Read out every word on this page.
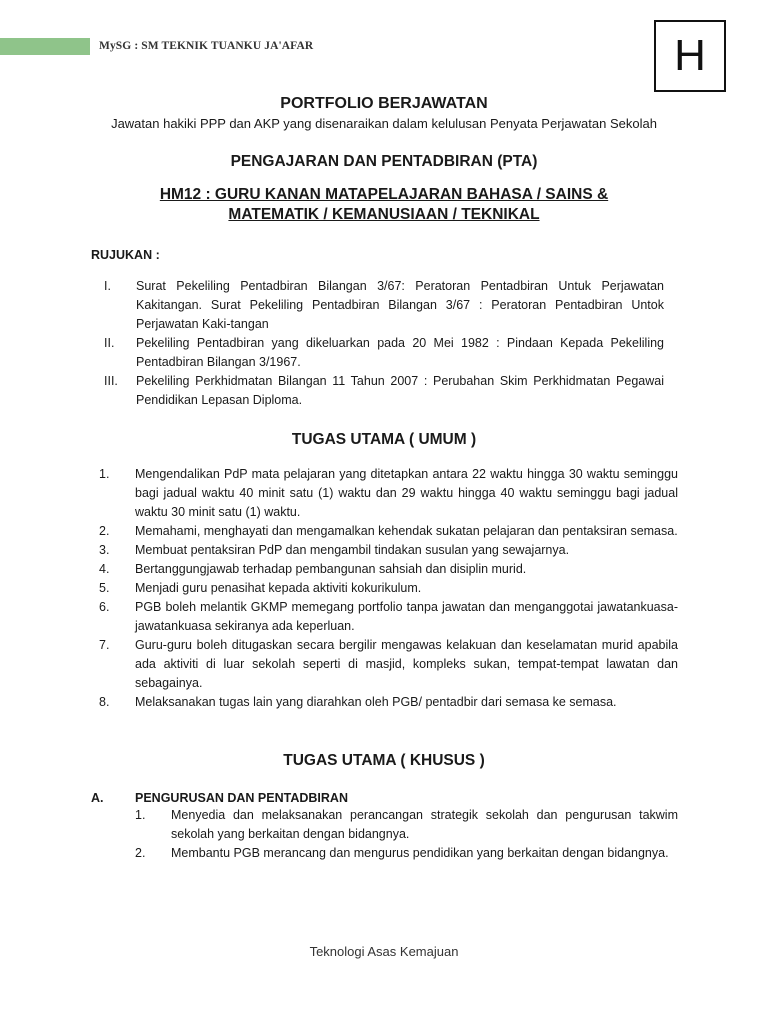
MySG : SM TEKNIK TUANKU JA'AFAR	H
PORTFOLIO BERJAWATAN
Jawatan hakiki PPP dan AKP yang disenaraikan dalam kelulusan Penyata Perjawatan Sekolah
PENGAJARAN DAN PENTADBIRAN (PTA)
HM12 : GURU KANAN MATAPELAJARAN BAHASA / SAINS &
MATEMATIK / KEMANUSIAAN / TEKNIKAL
RUJUKAN :
I. Surat Pekeliling Pentadbiran Bilangan 3/67: Peratoran Pentadbiran Untuk Perjawatan Kakitangan. Surat Pekeliling Pentadbiran Bilangan 3/67 : Peratoran Pentadbiran Untok Perjawatan Kaki-tangan
II. Pekeliling Pentadbiran yang dikeluarkan pada 20 Mei 1982 : Pindaan Kepada Pekeliling Pentadbiran Bilangan 3/1967.
III. Pekeliling Perkhidmatan Bilangan 11 Tahun 2007 : Perubahan Skim Perkhidmatan Pegawai Pendidikan Lepasan Diploma.
TUGAS UTAMA ( UMUM )
1. Mengendalikan PdP mata pelajaran yang ditetapkan antara 22 waktu hingga 30 waktu seminggu bagi jadual waktu 40 minit satu (1) waktu dan 29 waktu hingga 40 waktu seminggu bagi jadual waktu 30 minit satu (1) waktu.
2. Memahami, menghayati dan mengamalkan kehendak sukatan pelajaran dan pentaksiran semasa.
3. Membuat pentaksiran PdP dan mengambil tindakan susulan yang sewajarnya.
4. Bertanggungjawab terhadap pembangunan sahsiah dan disiplin murid.
5. Menjadi guru penasihat kepada aktiviti kokurikulum.
6. PGB boleh melantik GKMP memegang portfolio tanpa jawatan dan menganggotai jawatankuasa-jawatankuasa sekiranya ada keperluan.
7. Guru-guru boleh ditugaskan secara bergilir mengawas kelakuan dan keselamatan murid apabila ada aktiviti di luar sekolah seperti di masjid, kompleks sukan, tempat-tempat lawatan dan sebagainya.
8. Melaksanakan tugas lain yang diarahkan oleh PGB/ pentadbir dari semasa ke semasa.
TUGAS UTAMA ( KHUSUS )
A.	PENGURUSAN DAN PENTADBIRAN
1. Menyedia dan melaksanakan perancangan strategik sekolah dan pengurusan takwim sekolah yang berkaitan dengan bidangnya.
2. Membantu PGB merancang dan mengurus pendidikan yang berkaitan dengan bidangnya.
Teknologi Asas Kemajuan
